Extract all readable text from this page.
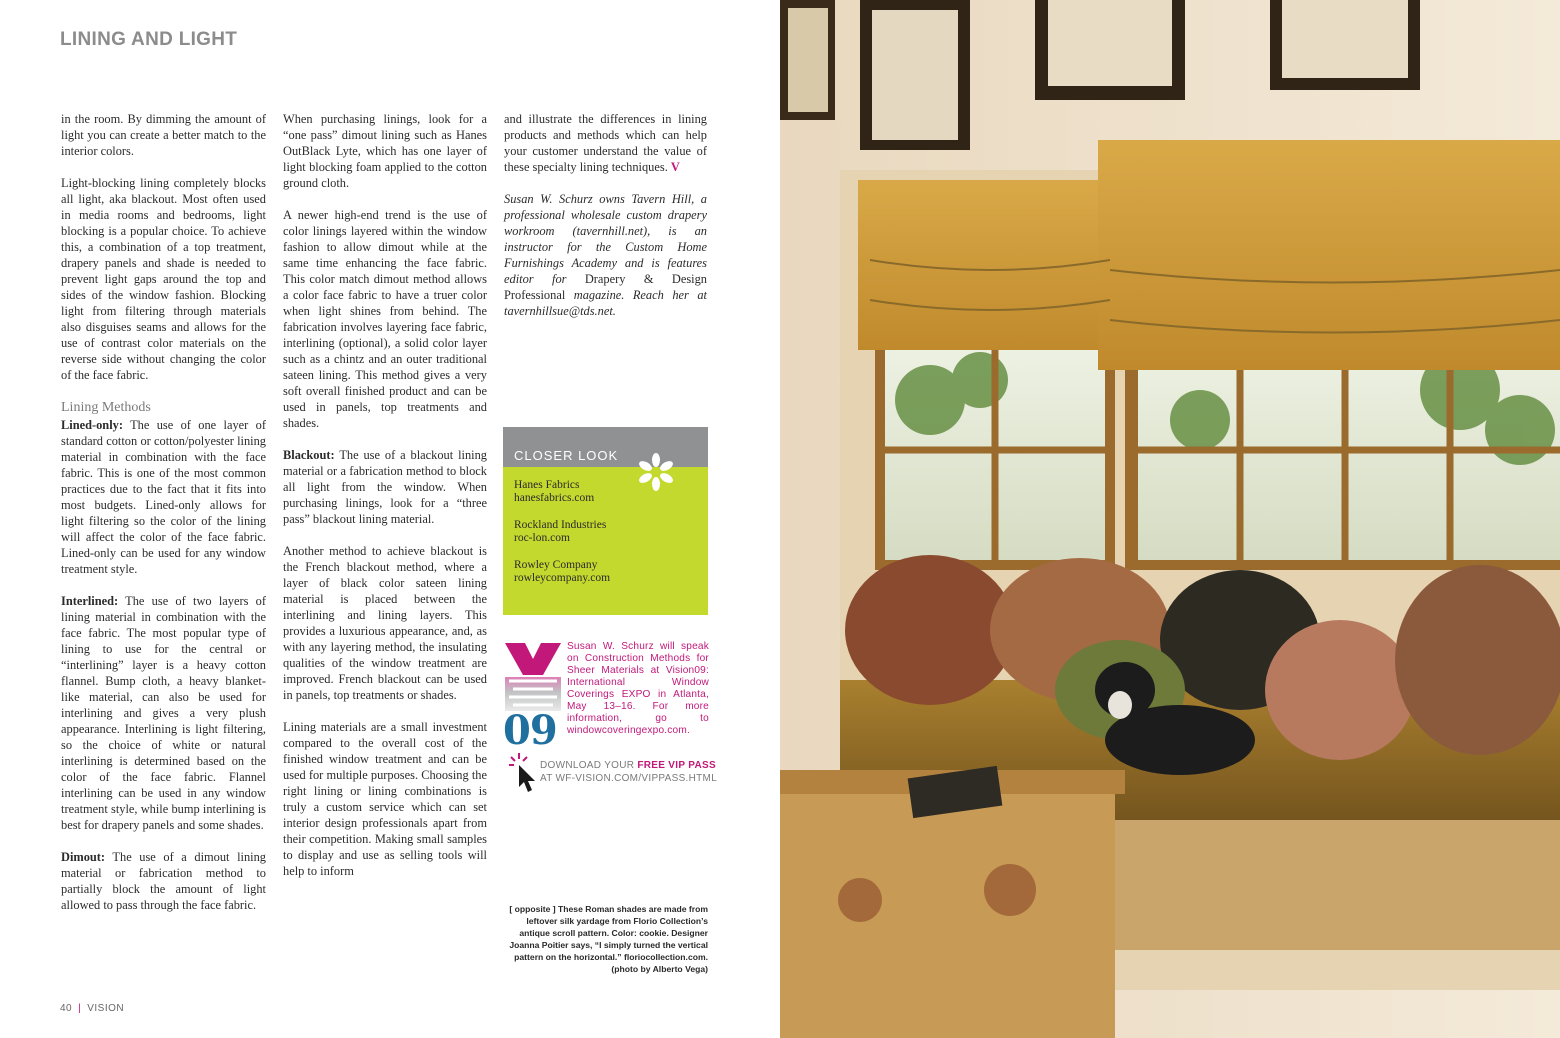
LINING AND LIGHT

in the room. By dimming the amount of light you can create a better match to the interior colors.

Light-blocking lining completely blocks all light, aka blackout. Most often used in media rooms and bedrooms, light blocking is a popular choice. To achieve this, a combination of a top treatment, drapery panels and shade is needed to prevent light gaps around the top and sides of the window fashion. Blocking light from filtering through materials also disguises seams and allows for the use of contrast color materials on the reverse side without changing the color of the face fabric.

Lining Methods

Lined-only: The use of one layer of standard cotton or cotton/polyester lining material in combination with the face fabric. This is one of the most common practices due to the fact that it fits into most budgets. Lined-only allows for light filtering so the color of the lining will affect the color of the face fabric. Lined-only can be used for any window treatment style.

Interlined: The use of two layers of lining material in combination with the face fabric. The most popular type of lining to use for the central or “interlining” layer is a heavy cotton flannel. Bump cloth, a heavy blanket-like material, can also be used for interlining and gives a very plush appearance. Interlining is light filtering, so the choice of white or natural interlining is determined based on the color of the face fabric. Flannel interlining can be used in any window treatment style, while bump interlining is best for drapery panels and some shades.

Dimout: The use of a dimout lining material or fabrication method to partially block the amount of light allowed to pass through the face fabric.

When purchasing linings, look for a “one pass” dimout lining such as Hanes OutBlack Lyte, which has one layer of light blocking foam applied to the cotton ground cloth.

A newer high-end trend is the use of color linings layered within the window fashion to allow dimout while at the same time enhancing the face fabric. This color match dimout method allows a color face fabric to have a truer color when light shines from behind. The fabrication involves layering face fabric, interlining (optional), a solid color layer such as a chintz and an outer traditional sateen lining. This method gives a very soft overall finished product and can be used in panels, top treatments and shades.

Blackout: The use of a blackout lining material or a fabrication method to block all light from the window. When purchasing linings, look for a “three pass” blackout lining material.

Another method to achieve blackout is the French blackout method, where a layer of black color sateen lining material is placed between the interlining and lining layers. This provides a luxurious appearance, and, as with any layering method, the insulating qualities of the window treatment are improved. French blackout can be used in panels, top treatments or shades.

Lining materials are a small investment compared to the overall cost of the finished window treatment and can be used for multiple purposes. Choosing the right lining or lining combinations is truly a custom service which can set interior design professionals apart from their competition. Making small samples to display and use as selling tools will help to inform

and illustrate the differences in lining products and methods which can help your customer understand the value of these specialty lining techniques. V

Susan W. Schurz owns Tavern Hill, a professional wholesale custom drapery workroom (tavernhill.net), is an instructor for the Custom Home Furnishings Academy and is features editor for Drapery & Design Professional magazine. Reach her at tavernhillsue@tds.net.

CLOSER LOOK
Hanes Fabrics
hanesfabrics.com
Rockland Industries
roc-lon.com
Rowley Company
rowleycompany.com
09
Susan W. Schurz will speak on Construction Methods for Sheer Materials at Vision09: International Window Coverings EXPO in Atlanta, May 13–16. For more information, go to windowcoveringexpo.com.
DOWNLOAD YOUR FREE VIP PASS
AT WF-VISION.COM/VIPPASS.HTML
[ opposite ] These Roman shades are made from leftover silk yardage from Florio Collection’s antique scroll pattern. Color: cookie. Designer Joanna Poitier says, “I simply turned the vertical pattern on the horizontal.” floriocollection.com. (photo by Alberto Vega)
40 | VISION
